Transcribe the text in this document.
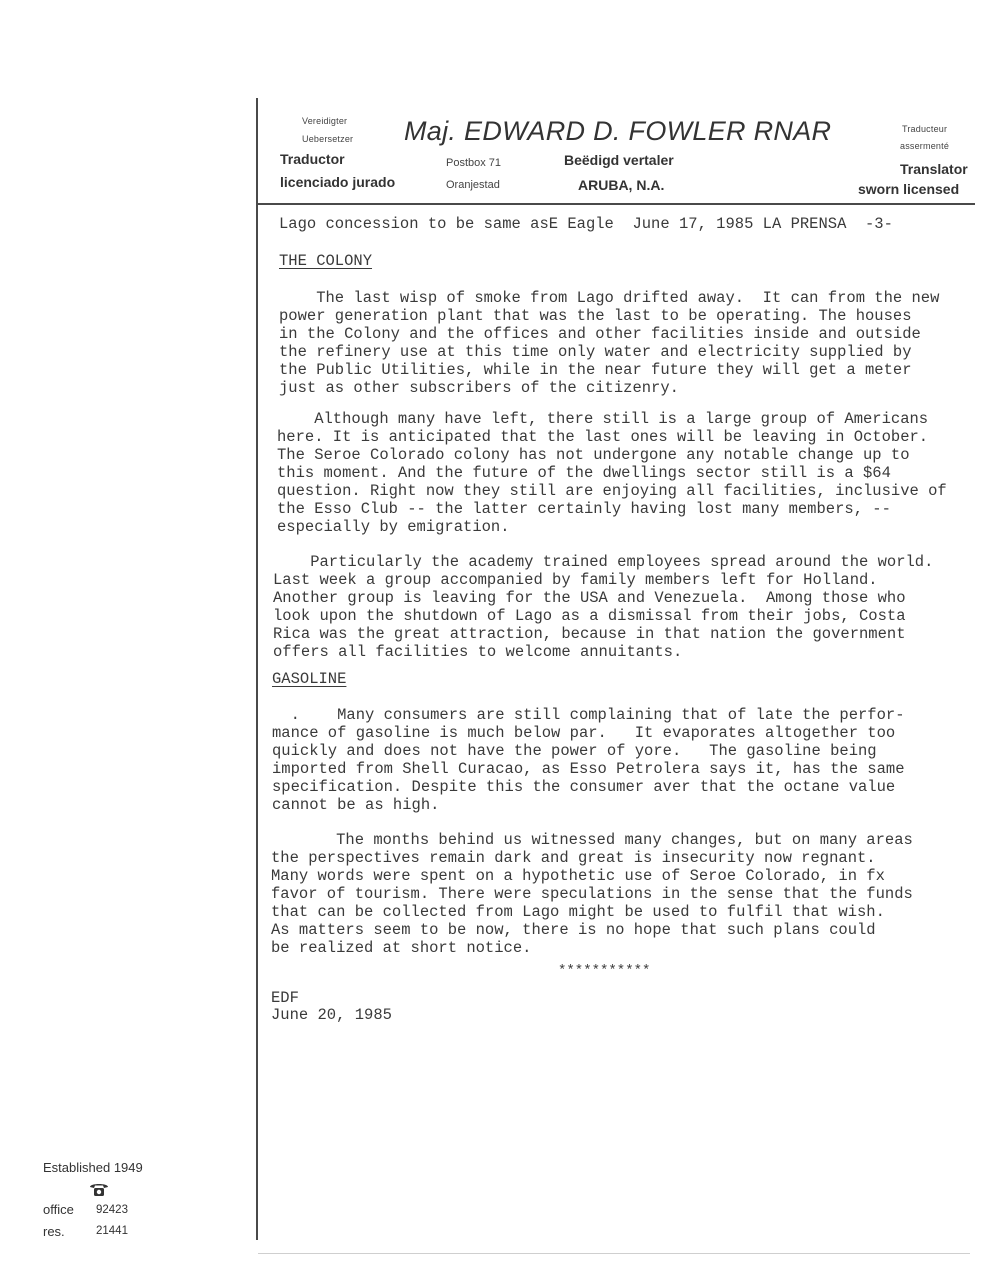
Vereidigter
Uebersetzer Maj. EDWARD D. FOWLER RNAR	Traducteur
assermenté
Traductor
licenciado jurado
Postbox 71
Oranjestad
Beëdigd vertaler
ARUBA, N.A.
Translator
sworn licensed
Lago concession to be same asE Eagle  June 17, 1985 LA PRENSA  -3-
THE COLONY
The last wisp of smoke from Lago drifted away.  It can from the new
power generation plant that was the last to be operating. The houses
in the Colony and the offices and other facilities inside and outside
the refinery use at this time only water and electricity supplied by
the Public Utilities, while in the near future they will get a meter
just as other subscribers of the citizenry.
Although many have left, there still is a large group of Americans
here. It is anticipated that the last ones will be leaving in October.
The Seroe Colorado colony has not undergone any notable change up to
this moment. And the future of the dwellings sector still is a $64
question. Right now they still are enjoying all facilities, inclusive of
the Esso Club -- the latter certainly having lost many members, --
especially by emigration.
Particularly the academy trained employees spread around the world.
Last week a group accompanied by family members left for Holland.
Another group is leaving for the USA and Venezuela.  Among those who
look upon the shutdown of Lago as a dismissal from their jobs, Costa
Rica was the great attraction, because in that nation the government
offers all facilities to welcome annuitants.
GASOLINE
.    Many consumers are still complaining that of late the perfor-
mance of gasoline is much below par.   It evaporates altogether too
quickly and does not have the power of yore.   The gasoline being
imported from Shell Curacao, as Esso Petrolera says it, has the same
specification. Despite this the consumer aver that the octane value
cannot be as high.
The months behind us witnessed many changes, but on many areas
the perspectives remain dark and great is insecurity now regnant.
Many words were spent on a hypothetic use of Seroe Colorado, in fx
favor of tourism. There were speculations in the sense that the funds
that can be collected from Lago might be used to fulfil that wish.
As matters seem to be now, there is no hope that such plans could
be realized at short notice.
***********
EDF
June 20, 1985
Established 1949
office 92423
res.	21441
